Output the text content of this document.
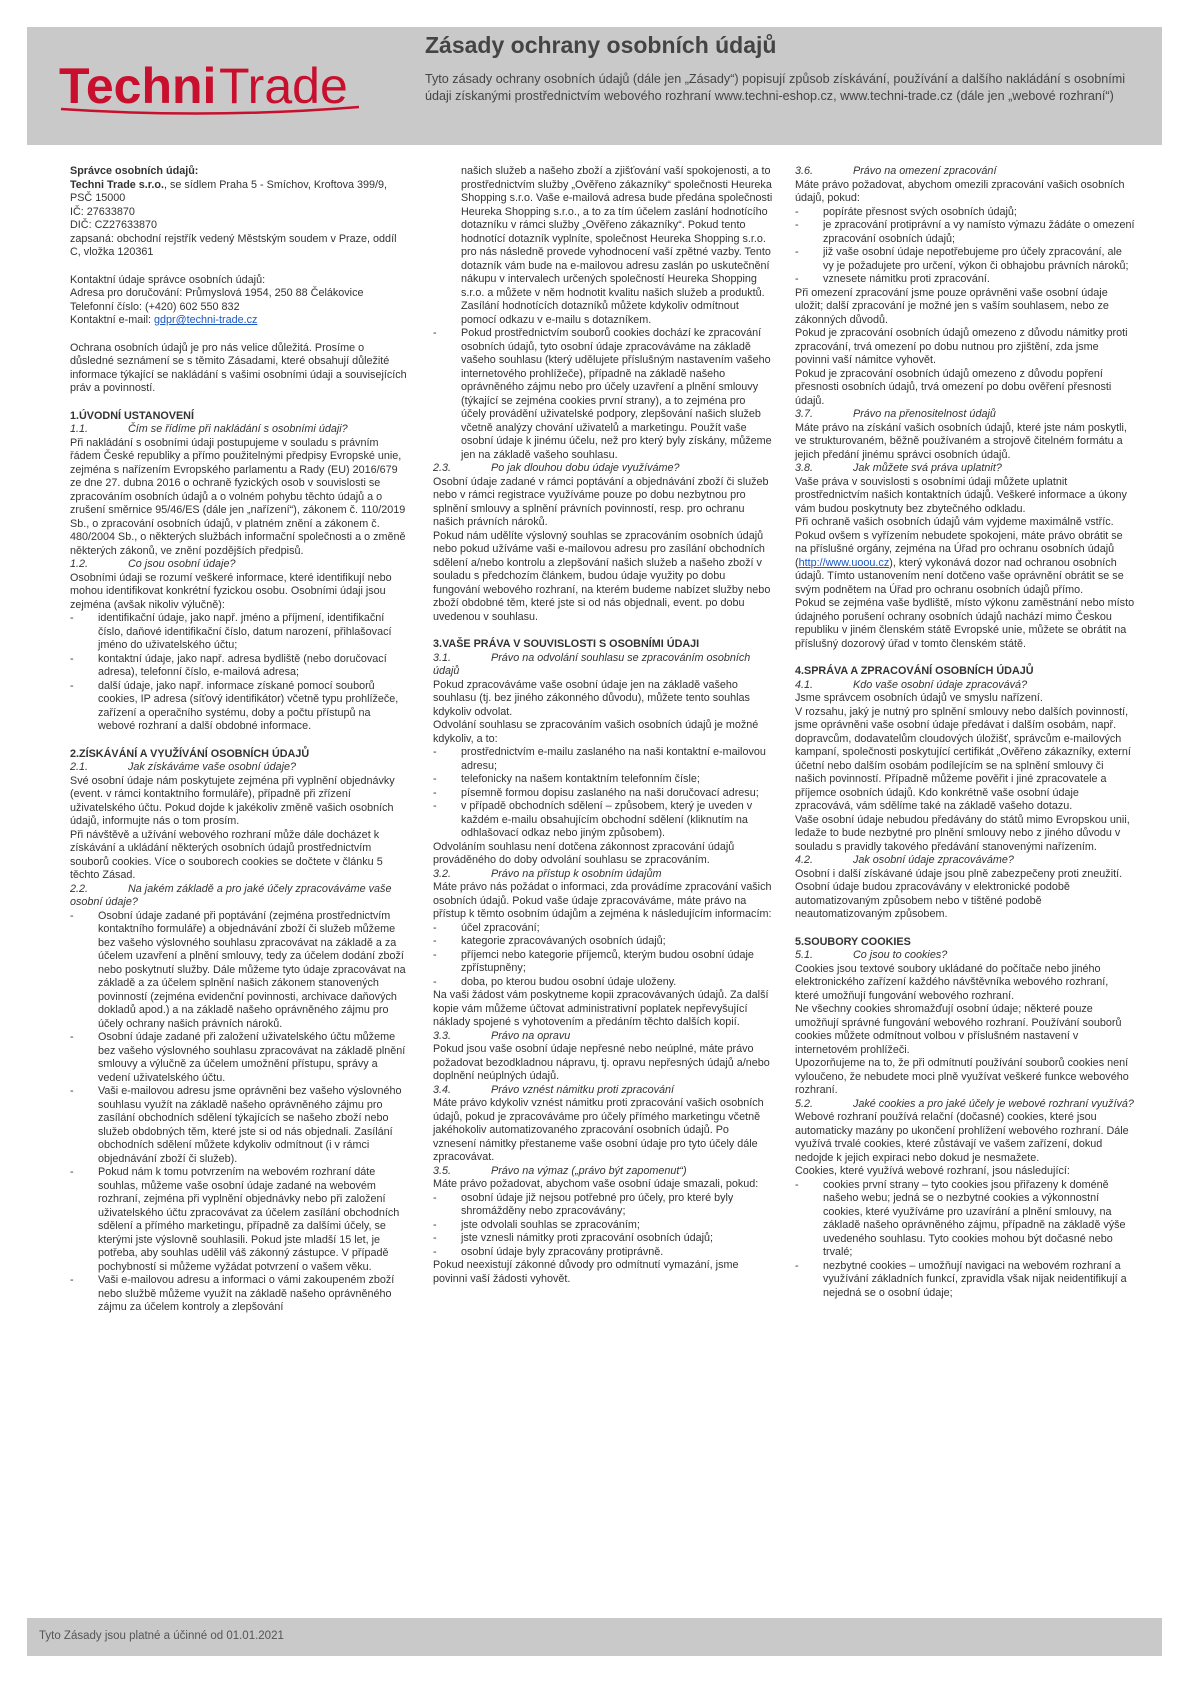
Techni Trade
Zásady ochrany osobních údajů
Tyto zásady ochrany osobních údajů (dále jen „Zásady“) popisují způsob získávání, používání a dalšího nakládání s osobními údaji získanými prostřednictvím webového rozhraní www.techni-eshop.cz, www.techni-trade.cz (dále jen „webové rozhraní“)

Správce osobních údajů:

Techni Trade s.r.o., se sídlem Praha 5 - Smíchov, Kroftova 399/9, PSČ 15000

IČ: 27633870

DIČ: CZ27633870

zapsaná: obchodní rejstřík vedený Městským soudem v Praze, oddíl C, vložka 120361

Kontaktní údaje správce osobních údajů:

Adresa pro doručování: Průmyslová 1954, 250 88 Čelákovice

Telefonní číslo: (+420) 602 550 832

Kontaktní e-mail: gdpr@techni-trade.cz

Ochrana osobních údajů je pro nás velice důležitá. Prosíme o důsledné seznámení se s těmito Zásadami, které obsahují důležité informace týkající se nakládání s vašimi osobními údaji a souvisejících práv a povinností.

1.ÚVODNÍ USTANOVENÍ

1.1.	Čím se řídíme při nakládání s osobními údaji?

Při nakládání s osobními údaji postupujeme v souladu s právním řádem České republiky a přímo použitelnými předpisy Evropské unie, zejména s nařízením Evropského parlamentu a Rady (EU) 2016/679 ze dne 27. dubna 2016 o ochraně fyzických osob v souvislosti se zpracováním osobních údajů a o volném pohybu těchto údajů a o zrušení směrnice 95/46/ES (dále jen „nařízení“), zákonem č. 110/2019 Sb., o zpracování osobních údajů, v platném znění a zákonem č. 480/2004 Sb., o některých službách informační společnosti a o změně některých zákonů, ve znění pozdějších předpisů.

1.2.	Co jsou osobní údaje?

Osobními údaji se rozumí veškeré informace, které identifikují nebo mohou identifikovat konkrétní fyzickou osobu. Osobními údaji jsou zejména (avšak nikoliv výlučně):

- identifikační údaje, jako např. jméno a příjmení, identifikační číslo, daňové identifikační číslo, datum narození, přihlašovací jméno do uživatelského účtu;

- kontaktní údaje, jako např. adresa bydliště (nebo doručovací adresa), telefonní číslo, e-mailová adresa;

- další údaje, jako např. informace získané pomocí souborů cookies, IP adresa (síťový identifikátor) včetně typu prohlížeče, zařízení a operačního systému, doby a počtu přístupů na webové rozhraní a další obdobné informace.

2.ZÍSKÁVÁNÍ A VYUŽÍVÁNÍ OSOBNÍCH ÚDAJŮ

2.1.	Jak získáváme vaše osobní údaje?

Své osobní údaje nám poskytujete zejména při vyplnění objednávky (event. v rámci kontaktního formuláře), případně při zřízení uživatelského účtu. Pokud dojde k jakékoliv změně vašich osobních údajů, informujte nás o tom prosím.

Při návštěvě a užívání webového rozhraní může dále docházet k získávání a ukládání některých osobních údajů prostřednictvím souborů cookies. Více o souborech cookies se dočtete v článku 5 těchto Zásad.

2.2.	Na jakém základě a pro jaké účely zpracováváme vaše osobní údaje?

- Osobní údaje zadané při poptávání (zejména prostřednictvím kontaktního formuláře) a objednávání zboží či služeb můžeme bez vašeho výslovného souhlasu zpracovávat na základě a za účelem uzavření a plnění smlouvy, tedy za účelem dodání zboží nebo poskytnutí služby. Dále můžeme tyto údaje zpracovávat na základě a za účelem splnění našich zákonem stanovených povinností (zejména evidenční povinnosti, archivace daňových dokladů apod.) a na základě našeho oprávněného zájmu pro účely ochrany našich právních nároků.

- Osobní údaje zadané při založení uživatelského účtu můžeme bez vašeho výslovného souhlasu zpracovávat na základě plnění smlouvy a výlučně za účelem umožnění přístupu, správy a vedení uživatelského účtu.

- Vaši e-mailovou adresu jsme oprávněni bez vašeho výslovného souhlasu využít na základě našeho oprávněného zájmu pro zasílání obchodních sdělení týkajících se našeho zboží nebo služeb obdobných těm, které jste si od nás objednali. Zasílání obchodních sdělení můžete kdykoliv odmítnout (i v rámci objednávání zboží či služeb).

- Pokud nám k tomu potvrzením na webovém rozhraní dáte souhlas, můžeme vaše osobní údaje zadané na webovém rozhraní, zejména při vyplnění objednávky nebo při založení uživatelského účtu zpracovávat za účelem zasílání obchodních sdělení a přímého marketingu, případně za dalšími účely, se kterými jste výslovně souhlasili. Pokud jste mladší 15 let, je potřeba, aby souhlas udělil váš zákonný zástupce. V případě pochybností si můžeme vyžádat potvrzení o vašem věku.

- Vaši e-mailovou adresu a informaci o vámi zakoupeném zboží nebo službě můžeme využít na základě našeho oprávněného zájmu za účelem kontroly a zlepšování

našich služeb a našeho zboží a zjišťování vaší spokojenosti, a to prostřednictvím služby „Ověřeno zákazníky“ společnosti Heureka Shopping s.r.o. Vaše e-mailová adresa bude předána společnosti Heureka Shopping s.r.o., a to za tím účelem zaslání hodnotícího dotazníku v rámci služby „Ověřeno zákazníky“. Pokud tento hodnotící dotazník vyplníte, společnost Heureka Shopping s.r.o. pro nás následně provede vyhodnocení vaší zpětné vazby. Tento dotazník vám bude na e-mailovou adresu zaslán po uskutečnění nákupu v intervalech určených společností Heureka Shopping s.r.o. a můžete v něm hodnotit kvalitu našich služeb a produktů. Zasílání hodnotících dotazníků můžete kdykoliv odmítnout pomocí odkazu v e-mailu s dotazníkem.

- Pokud prostřednictvím souborů cookies dochází ke zpracování osobních údajů, tyto osobní údaje zpracováváme na základě vašeho souhlasu (který udělujete příslušným nastavením vašeho internetového prohlížeče), případně na základě našeho oprávněného zájmu nebo pro účely uzavření a plnění smlouvy (týkající se zejména cookies první strany), a to zejména pro účely provádění uživatelské podpory, zlepšování našich služeb včetně analýzy chování uživatelů a marketingu. Použít vaše osobní údaje k jinému účelu, než pro který byly získány, můžeme jen na základě vašeho souhlasu.

2.3.	Po jak dlouhou dobu údaje využíváme?

Osobní údaje zadané v rámci poptávání a objednávání zboží či služeb nebo v rámci registrace využíváme pouze po dobu nezbytnou pro splnění smlouvy a splnění právních povinností, resp. pro ochranu našich právních nároků.

Pokud nám udělíte výslovný souhlas se zpracováním osobních údajů nebo pokud užíváme vaši e-mailovou adresu pro zasílání obchodních sdělení a/nebo kontrolu a zlepšování našich služeb a našeho zboží v souladu s předchozím článkem, budou údaje využity po dobu fungování webového rozhraní, na kterém budeme nabízet služby nebo zboží obdobné těm, které jste si od nás objednali, event. po dobu uvedenou v souhlasu.

3.VAŠE PRÁVA V SOUVISLOSTI S OSOBNÍMI ÚDAJI

3.1.	Právo na odvolání souhlasu se zpracováním osobních údajů

Pokud zpracováváme vaše osobní údaje jen na základě vašeho souhlasu (tj. bez jiného zákonného důvodu), můžete tento souhlas kdykoliv odvolat.

Odvolání souhlasu se zpracováním vašich osobních údajů je možné kdykoliv, a to:

- prostřednictvím e-mailu zaslaného na naši kontaktní e-mailovou adresu;

- telefonicky na našem kontaktním telefonním čísle;

- písemně formou dopisu zaslaného na naši doručovací adresu;

- v případě obchodních sdělení – způsobem, který je uveden v každém e-mailu obsahujícím obchodní sdělení (kliknutím na odhlašovací odkaz nebo jiným způsobem).

Odvoláním souhlasu není dotčena zákonnost zpracování údajů prováděného do doby odvolání souhlasu se zpracováním.

3.2.	Právo na přístup k osobním údajům

Máte právo nás požádat o informaci, zda provádíme zpracování vašich osobních údajů. Pokud vaše údaje zpracováváme, máte právo na přístup k těmto osobním údajům a zejména k následujícím informacím:

- účel zpracování;

- kategorie zpracovávaných osobních údajů;

- příjemci nebo kategorie příjemců, kterým budou osobní údaje zpřístupněny;

- doba, po kterou budou osobní údaje uloženy.

Na vaši žádost vám poskytneme kopii zpracovávaných údajů. Za další kopie vám můžeme účtovat administrativní poplatek nepřevyšující náklady spojené s vyhotovením a předáním těchto dalších kopií.

3.3.	Právo na opravu

Pokud jsou vaše osobní údaje nepřesné nebo neúplné, máte právo požadovat bezodkladnou nápravu, tj. opravu nepřesných údajů a/nebo doplnění neúplných údajů.

3.4.	Právo vznést námitku proti zpracování

Máte právo kdykoliv vznést námitku proti zpracování vašich osobních údajů, pokud je zpracováváme pro účely přímého marketingu včetně jakéhokoliv automatizovaného zpracování osobních údajů. Po vznesení námitky přestaneme vaše osobní údaje pro tyto účely dále zpracovávat.

3.5.	Právo na výmaz („právo být zapomenut“)

Máte právo požadovat, abychom vaše osobní údaje smazali, pokud:

- osobní údaje již nejsou potřebné pro účely, pro které byly shromážděny nebo zpracovávány;

- jste odvolali souhlas se zpracováním;

- jste vznesli námitky proti zpracování osobních údajů;

- osobní údaje byly zpracovány protiprávně.

Pokud neexistují zákonné důvody pro odmítnutí vymazání, jsme povinni vaší žádosti vyhovět.

3.6.	Právo na omezení zpracování

Máte právo požadovat, abychom omezili zpracování vašich osobních údajů, pokud:

- popíráte přesnost svých osobních údajů;

- je zpracování protiprávní a vy namísto výmazu žádáte o omezení zpracování osobních údajů;

- již vaše osobní údaje nepotřebujeme pro účely zpracování, ale vy je požadujete pro určení, výkon či obhajobu právních nároků;

- vznesete námitku proti zpracování.

Při omezení zpracování jsme pouze oprávněni vaše osobní údaje uložit; další zpracování je možné jen s vaším souhlasem, nebo ze zákonných důvodů.

Pokud je zpracování osobních údajů omezeno z důvodu námitky proti zpracování, trvá omezení po dobu nutnou pro zjištění, zda jsme povinni vaší námitce vyhovět.

Pokud je zpracování osobních údajů omezeno z důvodu popření přesnosti osobních údajů, trvá omezení po dobu ověření přesnosti údajů.

3.7.	Právo na přenositelnost údajů

Máte právo na získání vašich osobních údajů, které jste nám poskytli, ve strukturovaném, běžně používaném a strojově čitelném formátu a jejich předání jinému správci osobních údajů.

3.8.	Jak můžete svá práva uplatnit?

Vaše práva v souvislosti s osobními údaji můžete uplatnit prostřednictvím našich kontaktních údajů. Veškeré informace a úkony vám budou poskytnuty bez zbytečného odkladu.

Při ochraně vašich osobních údajů vám vyjdeme maximálně vstříc. Pokud ovšem s vyřízením nebudete spokojeni, máte právo obrátit se na příslušné orgány, zejména na Úřad pro ochranu osobních údajů (http://www.uoou.cz), který vykonává dozor nad ochranou osobních údajů. Tímto ustanovením není dotčeno vaše oprávnění obrátit se se svým podnětem na Úřad pro ochranu osobních údajů přímo.

Pokud se zejména vaše bydliště, místo výkonu zaměstnání nebo místo údajného porušení ochrany osobních údajů nachází mimo Českou republiku v jiném členském státě Evropské unie, můžete se obrátit na příslušný dozorový úřad v tomto členském státě.

4.SPRÁVA A ZPRACOVÁNÍ OSOBNÍCH ÚDAJŮ

4.1.	Kdo vaše osobní údaje zpracovává?

Jsme správcem osobních údajů ve smyslu nařízení.

V rozsahu, jaký je nutný pro splnění smlouvy nebo dalších povinností, jsme oprávněni vaše osobní údaje předávat i dalším osobám, např. dopravcům, dodavatelům cloudových úložišť, správcům e-mailových kampaní, společnosti poskytující certifikát „Ověřeno zákazníky, externí účetní nebo dalším osobám podílejícím se na splnění smlouvy či našich povinností. Případně můžeme pověřit i jiné zpracovatele a příjemce osobních údajů. Kdo konkrétně vaše osobní údaje zpracovává, vám sdělíme také na základě vašeho dotazu.

Vaše osobní údaje nebudou předávány do států mimo Evropskou unii, ledaže to bude nezbytné pro plnění smlouvy nebo z jiného důvodu v souladu s pravidly takového předávání stanovenými nařízením.

4.2.	Jak osobní údaje zpracováváme?

Osobní i další získávané údaje jsou plně zabezpečeny proti zneužití. Osobní údaje budou zpracovávány v elektronické podobě automatizovaným způsobem nebo v tištěné podobě neautomatizovaným způsobem.

5.SOUBORY COOKIES

5.1.	Co jsou to cookies?

Cookies jsou textové soubory ukládané do počítače nebo jiného elektronického zařízení každého návštěvníka webového rozhraní, které umožňují fungování webového rozhraní.

Ne všechny cookies shromažďují osobní údaje; některé pouze umožňují správné fungování webového rozhraní. Používání souborů cookies můžete odmítnout volbou v příslušném nastavení v internetovém prohlížeči.

Upozorňujeme na to, že při odmítnutí používání souborů cookies není vyloučeno, že nebudete moci plně využívat veškeré funkce webového rozhraní.

5.2.	Jaké cookies a pro jaké účely je webové rozhraní využívá?

Webové rozhraní používá relační (dočasné) cookies, které jsou automaticky mazány po ukončení prohlížení webového rozhraní. Dále využívá trvalé cookies, které zůstávají ve vašem zařízení, dokud nedojde k jejich expiraci nebo dokud je nesmažete.

Cookies, které využívá webové rozhraní, jsou následující:

- cookies první strany – tyto cookies jsou přiřazeny k doméně našeho webu; jedná se o nezbytné cookies a výkonnostní cookies, které využíváme pro uzavírání a plnění smlouvy, na základě našeho oprávněného zájmu, případně na základě výše uvedeného souhlasu. Tyto cookies mohou být dočasné nebo trvalé;

- nezbytné cookies – umožňují navigaci na webovém rozhraní a využívání základních funkcí, zpravidla však nijak neidentifikují a nejedná se o osobní údaje;

Tyto Zásady jsou platné a účinné od 01.01.2021
